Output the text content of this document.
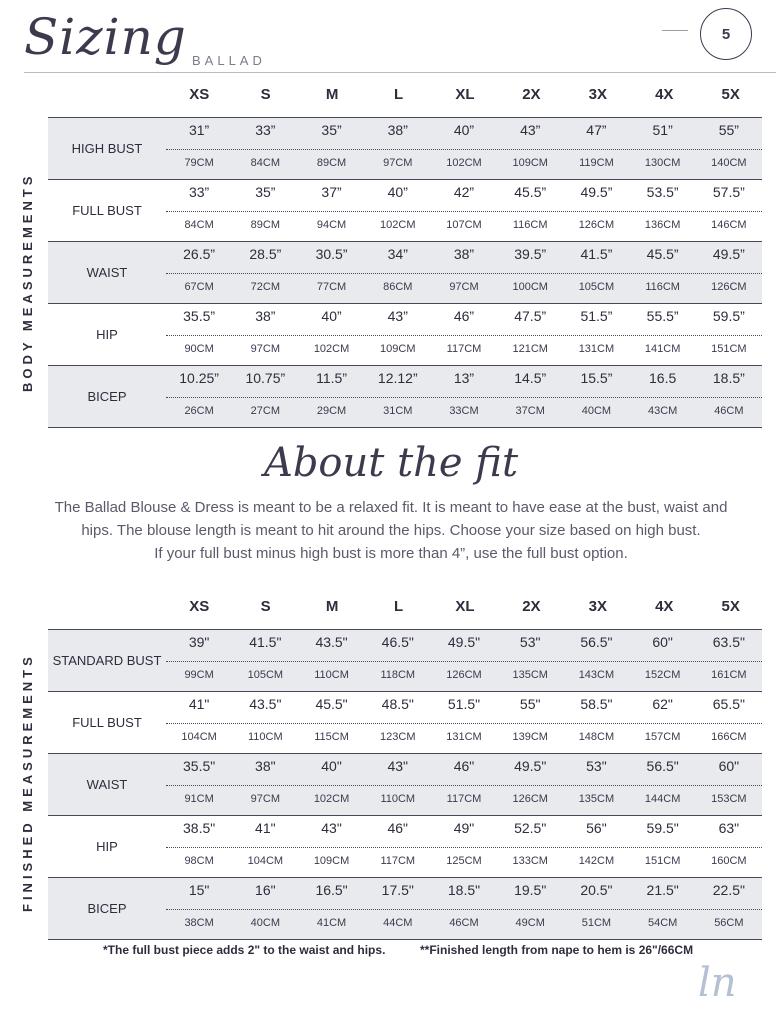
Sizing BALLAD
5
XS	S	M	L	XL	2X	3X	4X	5X
HIGH BUST
31”	33”	35”	38”	40”	43”	47”	51”	55”
79CM	84CM	89CM	97CM	102CM	109CM	119CM	130CM	140CM
FULL BUST
33”	35”	37”	40”	42”	45.5”	49.5”	53.5”	57.5”
84CM	89CM	94CM	102CM	107CM	116CM	126CM	136CM	146CM
WAIST
26.5”	28.5”	30.5”	34”	38”	39.5”	41.5”	45.5”	49.5”
67CM	72CM	77CM	86CM	97CM	100CM	105CM	116CM	126CM
HIP
35.5”	38”	40”	43”	46”	47.5”	51.5”	55.5”	59.5”
90CM	97CM	102CM	109CM	117CM	121CM	131CM	141CM	151CM
BICEP
10.25”	10.75”	11.5”	12.12”	13”	14.5”	15.5”	16.5	18.5”
26CM	27CM	29CM	31CM	33CM	37CM	40CM	43CM	46CM
BODY MEASUREMENTS
About the fit
The Ballad Blouse & Dress is meant to be a relaxed fit. It is meant to have ease at the bust, waist and
hips. The blouse length is meant to hit around the hips. Choose your size based on high bust.
If your full bust minus high bust is more than 4”, use the full bust option.
XS	S	M	L	XL	2X	3X	4X	5X
STANDARD BUST
39"	41.5"	43.5"	46.5"	49.5"	53"	56.5"	60"	63.5"
99CM	105CM	110CM	118CM	126CM	135CM	143CM	152CM	161CM
FULL BUST
41"	43.5"	45.5"	48.5"	51.5"	55"	58.5"	62"	65.5"
104CM	110CM	115CM	123CM	131CM	139CM	148CM	157CM	166CM
WAIST
35.5"	38"	40"	43"	46"	49.5"	53"	56.5"	60"
91CM	97CM	102CM	110CM	117CM	126CM	135CM	144CM	153CM
HIP
38.5"	41"	43"	46"	49"	52.5"	56"	59.5"	63"
98CM	104CM	109CM	117CM	125CM	133CM	142CM	151CM	160CM
BICEP
15"	16"	16.5"	17.5"	18.5"	19.5"	20.5"	21.5"	22.5"
38CM	40CM	41CM	44CM	46CM	49CM	51CM	54CM	56CM
FINISHED MEASUREMENTS
*The full bust piece adds 2" to the waist and hips.	**Finished length from nape to hem is 26"/66CM
ln
